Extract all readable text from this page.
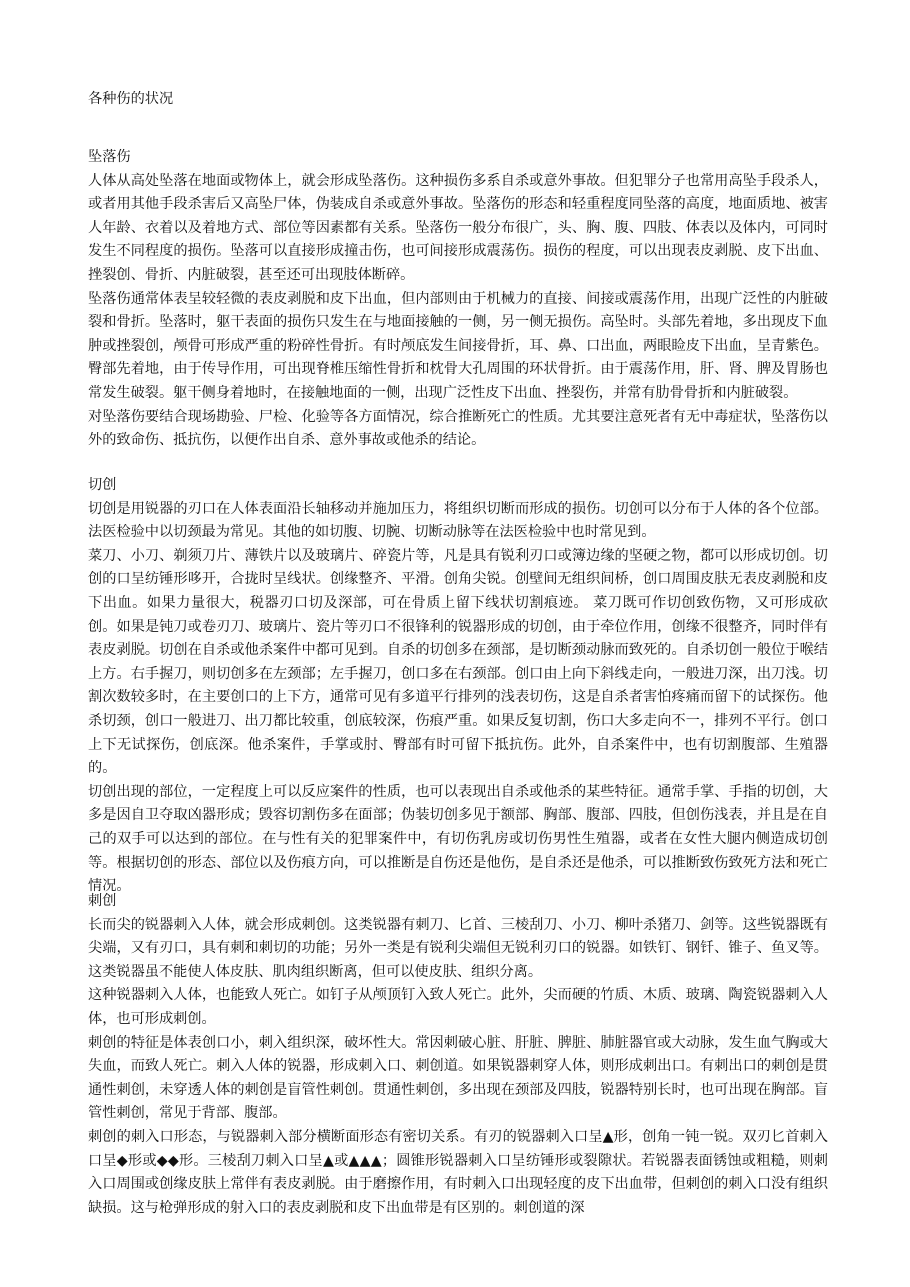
各种伤的状况
坠落伤

人体从高处坠落在地面或物体上，就会形成坠落伤。这种损伤多系自杀或意外事故。但犯罪分子也常用高坠手段杀人，或者用其他手段杀害后又高坠尸体，伪装成自杀或意外事故。坠落伤的形态和轻重程度同坠落的高度，地面质地、被害人年龄、衣着以及着地方式、部位等因素都有关系。坠落伤一般分布很广，头、胸、腹、四肢、体表以及体内，可同时发生不同程度的损伤。坠落可以直接形成撞击伤，也可间接形成震荡伤。损伤的程度，可以出现表皮剥脱、皮下出血、挫裂创、骨折、内脏破裂，甚至还可出现肢体断碎。

坠落伤通常体表呈较轻微的表皮剥脱和皮下出血，但内部则由于机械力的直接、间接或震荡作用，出现广泛性的内脏破裂和骨折。坠落时，躯干表面的损伤只发生在与地面接触的一侧，另一侧无损伤。高坠时。头部先着地，多出现皮下血肿或挫裂创，颅骨可形成严重的粉碎性骨折。有时颅底发生间接骨折，耳、鼻、口出血，两眼睑皮下出血，呈青紫色。臀部先着地，由于传导作用，可出现脊椎压缩性骨折和枕骨大孔周围的环状骨折。由于震荡作用，肝、肾、脾及胃肠也常发生破裂。躯干侧身着地时，在接触地面的一侧，出现广泛性皮下出血、挫裂伤，并常有肋骨骨折和内脏破裂。

对坠落伤要结合现场勘验、尸检、化验等各方面情况，综合推断死亡的性质。尤其要注意死者有无中毒症状，坠落伤以外的致命伤、抵抗伤，以便作出自杀、意外事故或他杀的结论。

切创

切创是用锐器的刃口在人体表面沿长轴移动并施加压力，将组织切断而形成的损伤。切创可以分布于人体的各个位部。法医检验中以切颈最为常见。其他的如切腹、切腕、切断动脉等在法医检验中也时常见到。

菜刀、小刀、剃须刀片、薄铁片以及玻璃片、碎瓷片等，凡是具有锐利刃口或簿边缘的坚硬之物，都可以形成切创。切创的口呈纺锤形哆开，合拢时呈线状。创缘整齐、平滑。创角尖锐。创壁间无组织间桥，创口周围皮肤无表皮剥脱和皮下出血。如果力量很大，税器刃口切及深部，可在骨质上留下线状切割痕迹。 菜刀既可作切创致伤物，又可形成砍创。如果是钝刀或卷刃刀、玻璃片、瓷片等刃口不很锋利的锐器形成的切创，由于牵位作用，创缘不很整齐，同时伴有表皮剥脱。切创在自杀或他杀案件中都可见到。自杀的切创多在颈部，是切断颈动脉而致死的。自杀切创一般位于喉结上方。右手握刀，则切创多在左颈部；左手握刀，创口多在右颈部。创口由上向下斜线走向，一般进刀深，出刀浅。切割次数较多时，在主要创口的上下方，通常可见有多道平行排列的浅表切伤，这是自杀者害怕疼痛而留下的试探伤。他杀切颈，创口一般进刀、出刀都比较重，创底较深，伤痕严重。如果反复切割，伤口大多走向不一，排列不平行。创口上下无试探伤，创底深。他杀案件，手掌或肘、臀部有时可留下抵抗伤。此外，自杀案件中，也有切割腹部、生殖器的。

切创出现的部位，一定程度上可以反应案件的性质，也可以表现出自杀或他杀的某些特征。通常手掌、手指的切创，大多是因自卫夺取凶器形成；毁容切割伤多在面部；伪装切创多见于额部、胸部、腹部、四肢，但创伤浅表，并且是在自己的双手可以达到的部位。在与性有关的犯罪案件中，有切伤乳房或切伤男性生殖器，或者在女性大腿内侧造成切创等。根据切创的形态、部位以及伤痕方向，可以推断是自伤还是他伤，是自杀还是他杀，可以推断致伤致死方法和死亡情况。

刺创

长而尖的锐器刺入人体，就会形成刺创。这类锐器有刺刀、匕首、三棱刮刀、小刀、柳叶杀猪刀、剑等。这些锐器既有尖端，又有刃口，具有刺和刺切的功能；另外一类是有锐利尖端但无锐利刃口的锐器。如铁钉、钢钎、锥子、鱼叉等。这类锐器虽不能使人体皮肤、肌肉组织断离，但可以使皮肤、组织分离。

这种锐器刺入人体，也能致人死亡。如钉子从颅顶钉入致人死亡。此外，尖而硬的竹质、木质、玻璃、陶瓷锐器刺入人体，也可形成刺创。

刺创的特征是体表创口小，刺入组织深，破坏性大。常因刺破心脏、肝脏、脾脏、肺脏器官或大动脉，发生血气胸或大失血，而致人死亡。刺入人体的锐器，形成刺入口、刺创道。如果锐器刺穿人体，则形成刺出口。有刺出口的刺创是贯通性刺创，未穿透人体的刺创是盲管性刺创。贯通性刺创，多出现在颈部及四肢，锐器特别长时，也可出现在胸部。盲管性刺创，常见于背部、腹部。

刺创的刺入口形态，与锐器刺入部分横断面形态有密切关系。有刃的锐器刺入口呈▲形，创角一钝一锐。双刃匕首刺入口呈◆形或◆◆形。三棱刮刀刺入口呈▲或▲▲▲；圆锥形锐器刺入口呈纺锤形或裂隙状。若锐器表面锈蚀或粗糙，则刺入口周围或创缘皮肤上常伴有表皮剥脱。由于磨擦作用，有时刺入口出现轻度的皮下出血带，但刺创的刺入口没有组织缺损。这与枪弹形成的射入口的表皮剥脱和皮下出血带是有区别的。刺创道的深
